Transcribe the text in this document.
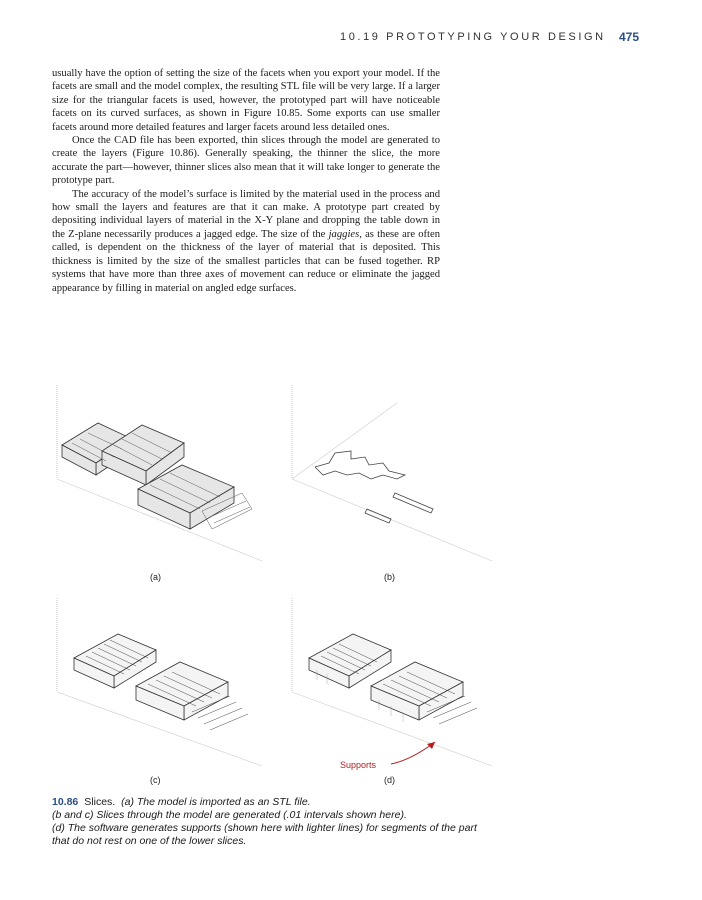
10.19 PROTOTYPING YOUR DESIGN 475

usually have the option of setting the size of the facets when you export your model. If the facets are small and the model complex, the resulting STL file will be very large. If a larger size for the triangular facets is used, however, the prototyped part will have noticeable facets on its curved surfaces, as shown in Figure 10.85. Some exports can use smaller facets around more detailed features and larger facets around less detailed ones.

Once the CAD file has been exported, thin slices through the model are generated to create the layers (Figure 10.86). Generally speaking, the thinner the slice, the more accurate the part—however, thinner slices also mean that it will take longer to generate the prototype part.

The accuracy of the model’s surface is limited by the material used in the process and how small the layers and features are that it can make. A prototype part created by depositing individual layers of material in the X-Y plane and dropping the table down in the Z-plane necessarily produces a jagged edge. The size of the jaggies, as these are often called, is dependent on the thickness of the layer of material that is deposited. This thickness is limited by the size of the smallest particles that can be fused together. RP systems that have more than three axes of movement can reduce or eliminate the jagged appearance by filling in material on angled edge surfaces.

(a)	(b)
(c)
Supports
(d)
10.86 Slices. (a) The model is imported as an STL file.
(b and c) Slices through the model are generated (.01 intervals shown here).
(d) The software generates supports (shown here with lighter lines) for segments of the part that do not rest on one of the lower slices.
